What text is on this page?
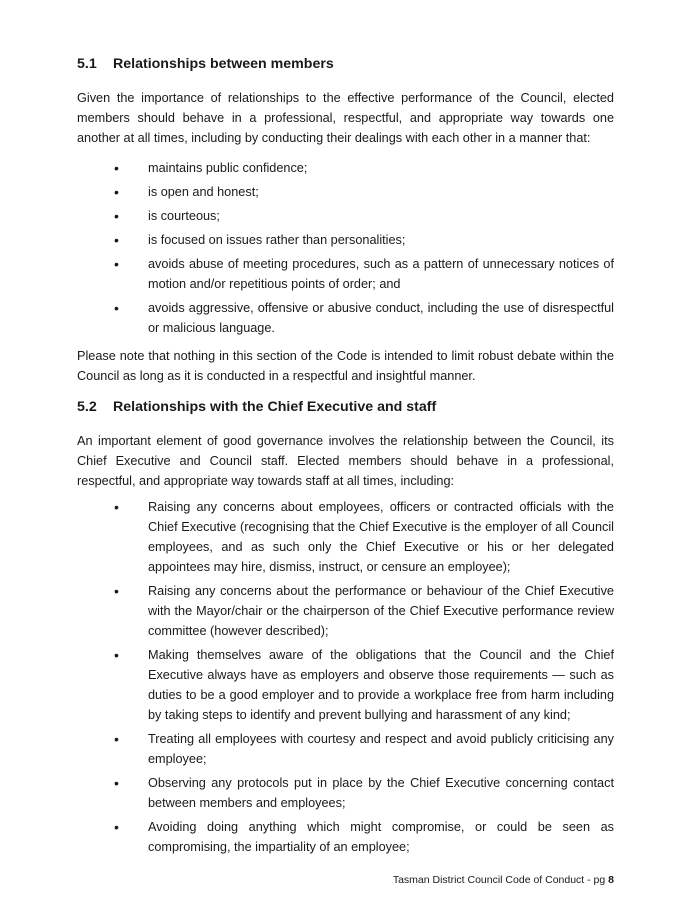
5.1 Relationships between members

Given the importance of relationships to the effective performance of the Council, elected members should behave in a professional, respectful, and appropriate way towards one another at all times, including by conducting their dealings with each other in a manner that:

• maintains public confidence;
• is open and honest;
• is courteous;
• is focused on issues rather than personalities;
• avoids abuse of meeting procedures, such as a pattern of unnecessary notices of motion and/or repetitious points of order; and
• avoids aggressive, offensive or abusive conduct, including the use of disrespectful or malicious language.

Please note that nothing in this section of the Code is intended to limit robust debate within the Council as long as it is conducted in a respectful and insightful manner.

5.2 Relationships with the Chief Executive and staff

An important element of good governance involves the relationship between the Council, its Chief Executive and Council staff. Elected members should behave in a professional, respectful, and appropriate way towards staff at all times, including:

• Raising any concerns about employees, officers or contracted officials with the Chief Executive (recognising that the Chief Executive is the employer of all Council employees, and as such only the Chief Executive or his or her delegated appointees may hire, dismiss, instruct, or censure an employee);
• Raising any concerns about the performance or behaviour of the Chief Executive with the Mayor/chair or the chairperson of the Chief Executive performance review committee (however described);
• Making themselves aware of the obligations that the Council and the Chief Executive always have as employers and observe those requirements — such as duties to be a good employer and to provide a workplace free from harm including by taking steps to identify and prevent bullying and harassment of any kind;
• Treating all employees with courtesy and respect and avoid publicly criticising any employee;
• Observing any protocols put in place by the Chief Executive concerning contact between members and employees;
• Avoiding doing anything which might compromise, or could be seen as compromising, the impartiality of an employee;
Tasman District Council Code of Conduct - pg 8
